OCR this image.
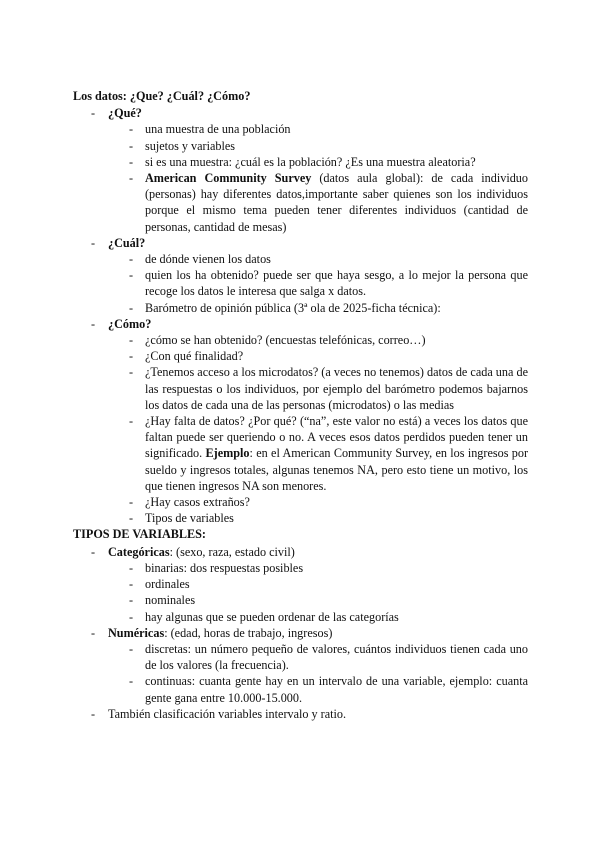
Los datos: ¿Que? ¿Cuál? ¿Cómo?
- ¿Qué?
- una muestra de una población
- sujetos y variables
- si es una muestra: ¿cuál es la población? ¿Es una muestra aleatoria?
- American Community Survey (datos aula global): de cada individuo (personas) hay diferentes datos,importante saber quienes son los individuos porque el mismo tema pueden tener diferentes individuos (cantidad de personas, cantidad de mesas)
- ¿Cuál?
- de dónde vienen los datos
- quien los ha obtenido? puede ser que haya sesgo, a lo mejor la persona que recoge los datos le interesa que salga x datos.
- Barómetro de opinión pública (3ª ola de 2025-ficha técnica):
- ¿Cómo?
- ¿cómo se han obtenido? (encuestas telefónicas, correo…)
- ¿Con qué finalidad?
- ¿Tenemos acceso a los microdatos? (a veces no tenemos) datos de cada una de las respuestas o los individuos, por ejemplo del barómetro podemos bajarnos los datos de cada una de las personas (microdatos) o las medias
- ¿Hay falta de datos? ¿Por qué? (“na”, este valor no está) a veces los datos que faltan puede ser queriendo o no. A veces esos datos perdidos pueden tener un significado. Ejemplo: en el American Community Survey, en los ingresos por sueldo y ingresos totales, algunas tenemos NA, pero esto tiene un motivo, los que tienen ingresos NA son menores.
- ¿Hay casos extraños?
- Tipos de variables
TIPOS DE VARIABLES:
- Categóricas: (sexo, raza, estado civil)
- binarias: dos respuestas posibles
- ordinales
- nominales
- hay algunas que se pueden ordenar de las categorías
- Numéricas: (edad, horas de trabajo, ingresos)
- discretas: un número pequeño de valores, cuántos individuos tienen cada uno de los valores (la frecuencia).
- continuas: cuanta gente hay en un intervalo de una variable, ejemplo: cuanta gente gana entre 10.000-15.000.
- También clasificación variables intervalo y ratio.
